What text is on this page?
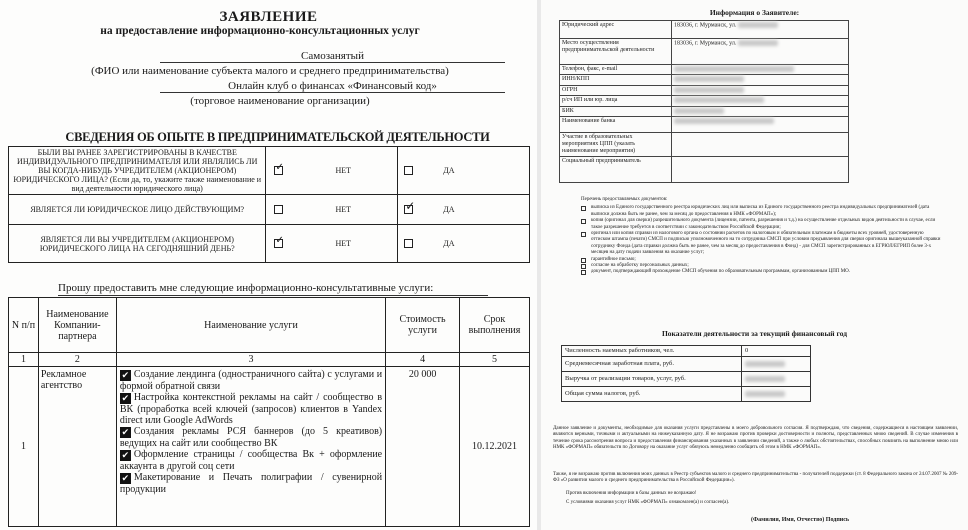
ЗАЯВЛЕНИЕ
на предоставление информационно-консультационных услуг
Самозанятый
(ФИО или наименование субъекта малого и среднего предпринимательства)
Онлайн клуб о финансах «Финансовый код»
(торговое наименование организации)
СВЕДЕНИЯ ОБ ОПЫТЕ В ПРЕДПРИНИМАТЕЛЬСКОЙ ДЕЯТЕЛЬНОСТИ
БЫЛИ ВЫ РАНЕЕ ЗАРЕГИСТРИРОВАНЫ В КАЧЕСТВЕ ИНДИВИДУАЛЬНОГО ПРЕДПРИНИМАТЕЛЯ ИЛИ ЯВЛЯЛИСЬ ЛИ ВЫ КОГДА-НИБУДЬ УЧРЕДИТЕЛЕМ (АКЦИОНЕРОМ) ЮРИДИЧЕСКОГО ЛИЦА? (Если да, то, укажите также наименование и вид деятельности юридического лица)	✓ НЕТ	ДА
ЯВЛЯЕТСЯ ЛИ ЮРИДИЧЕСКОЕ ЛИЦО ДЕЙСТВУЮЩИМ?	НЕТ	✓ ДА
ЯВЛЯЕТСЯ ЛИ ВЫ УЧРЕДИТЕЛЕМ (АКЦИОНЕРОМ) ЮРИДИЧЕСКОГО ЛИЦА НА СЕГОДНЯШНИЙ ДЕНЬ?	✓ НЕТ	ДА
Прошу предоставить мне следующие информационно-консультативные услуги:
N п/п	Наименование Компании-партнера	Наименование услуги	Стоимость услуги	Срок выполнения
1	2	3	4	5
1	Рекламное агентство	✔ Создание лендинга (одностраничного сайта) с услугами и формой обратной связи
✔ Настройка контекстной рекламы на сайт / сообщество в ВК (проработка всей ключей (запросов) клиентов в Yandex direct или Google AdWords
✔ Создания рекламы РСЯ баннеров (до 5 креативов) ведущих на сайт или сообщество ВК
✔ Оформление страницы / сообщества Вк + оформление аккаунта в другой соц сети
✔ Макетирование и Печать полиграфии / сувенирной продукции	20 000	10.12.2021
Информация о Заявителе:
Юридический адрес	183036, г. Мурманск, ул.
Место осуществления предпринимательской деятельности	183036, г. Мурманск, ул.
Телефон, факс, e-mail	
ИНН/КПП	
ОГРН	
р/сч ИП или юр. лица	
БИК	
Наименование банка	
Участие в образовательных мероприятиях ЦПП (указать наименование мероприятия)	
Социальный предприниматель	
Перечень предоставляемых документов:
выписка из Единого государственного реестра юридических лиц или выписка из Единого государственного реестра индивидуальных предпринимателей (дата выписки должна быть не ранее, чем за месяц до предоставления в НМК «ФОРМАП»);
копия (оригинал для сверки) разрешительного документа (лицензии, патента, разрешения и т.д.) на осуществление отдельных видов деятельности в случае, если такое разрешение требуется в соответствии с законодательством Российской Федерации;
оригинал или копия справки из налогового органа о состоянии расчетов по налоговым и обязательным платежам в бюджеты всех уровней, удостоверенную оттиском штампа (печати) СМСП и подписью уполномоченного на то сотрудника СМСП при условии предъявления для сверки оригинала вышеуказанной справки сотруднику Фонда (дата справки должна быть не ранее, чем за месяц до предоставления в Фонд) - для СМСП зарегистрированных в ЕГРЮЛ/ЕГРИП более 3-х месяцев на дату подачи заявления на оказание услуг;
гарантийное письмо;
согласие на обработку персональных данных;
документ, подтверждающий прохождение СМСП обучения по образовательным программам, организованным ЦПП МО.
Показатели деятельности за текущий финансовый год
Численность наемных работников, чел.	0
Среднемесячная заработная плата, руб.	
Выручка от реализации товаров, услуг, руб.	
Общая сумма налогов, руб.	
Данное заявление и документы, необходимые для оказания услуги представлены в моего добровольного согласия. Я подтверждаю, что сведения, содержащиеся в настоящем заявлении, являются верными, точными и актуальными на нижеуказанную дату. Я не возражаю против проверки достоверности и полноты, представленных мною сведений. В случае изменения в течение срока рассмотрения вопроса и предоставления финансирования указанных в заявлении сведений, а также о любых обстоятельствах, способных повлиять на выполнение мною или НМК «ФОРМАП» обязательств по Договору на оказание услуг обязуюсь немедленно сообщить об этом в НМК «ФОРМАП».
Также, я не возражаю против включения моих данных в Реестр субъектов малого и среднего предпринимательства - получателей поддержки (ст. 8 Федерального закона от 24.07.2007 № 209-ФЗ «О развитии малого и среднего предпринимательства в Российской Федерации»).
Против включения информации в базы данных не возражаю!
С условиями оказания услуг НМК «ФОРМАП» ознакомлен(а) и согласен(а).
(Фамилия, Имя, Отчество) Подпись
